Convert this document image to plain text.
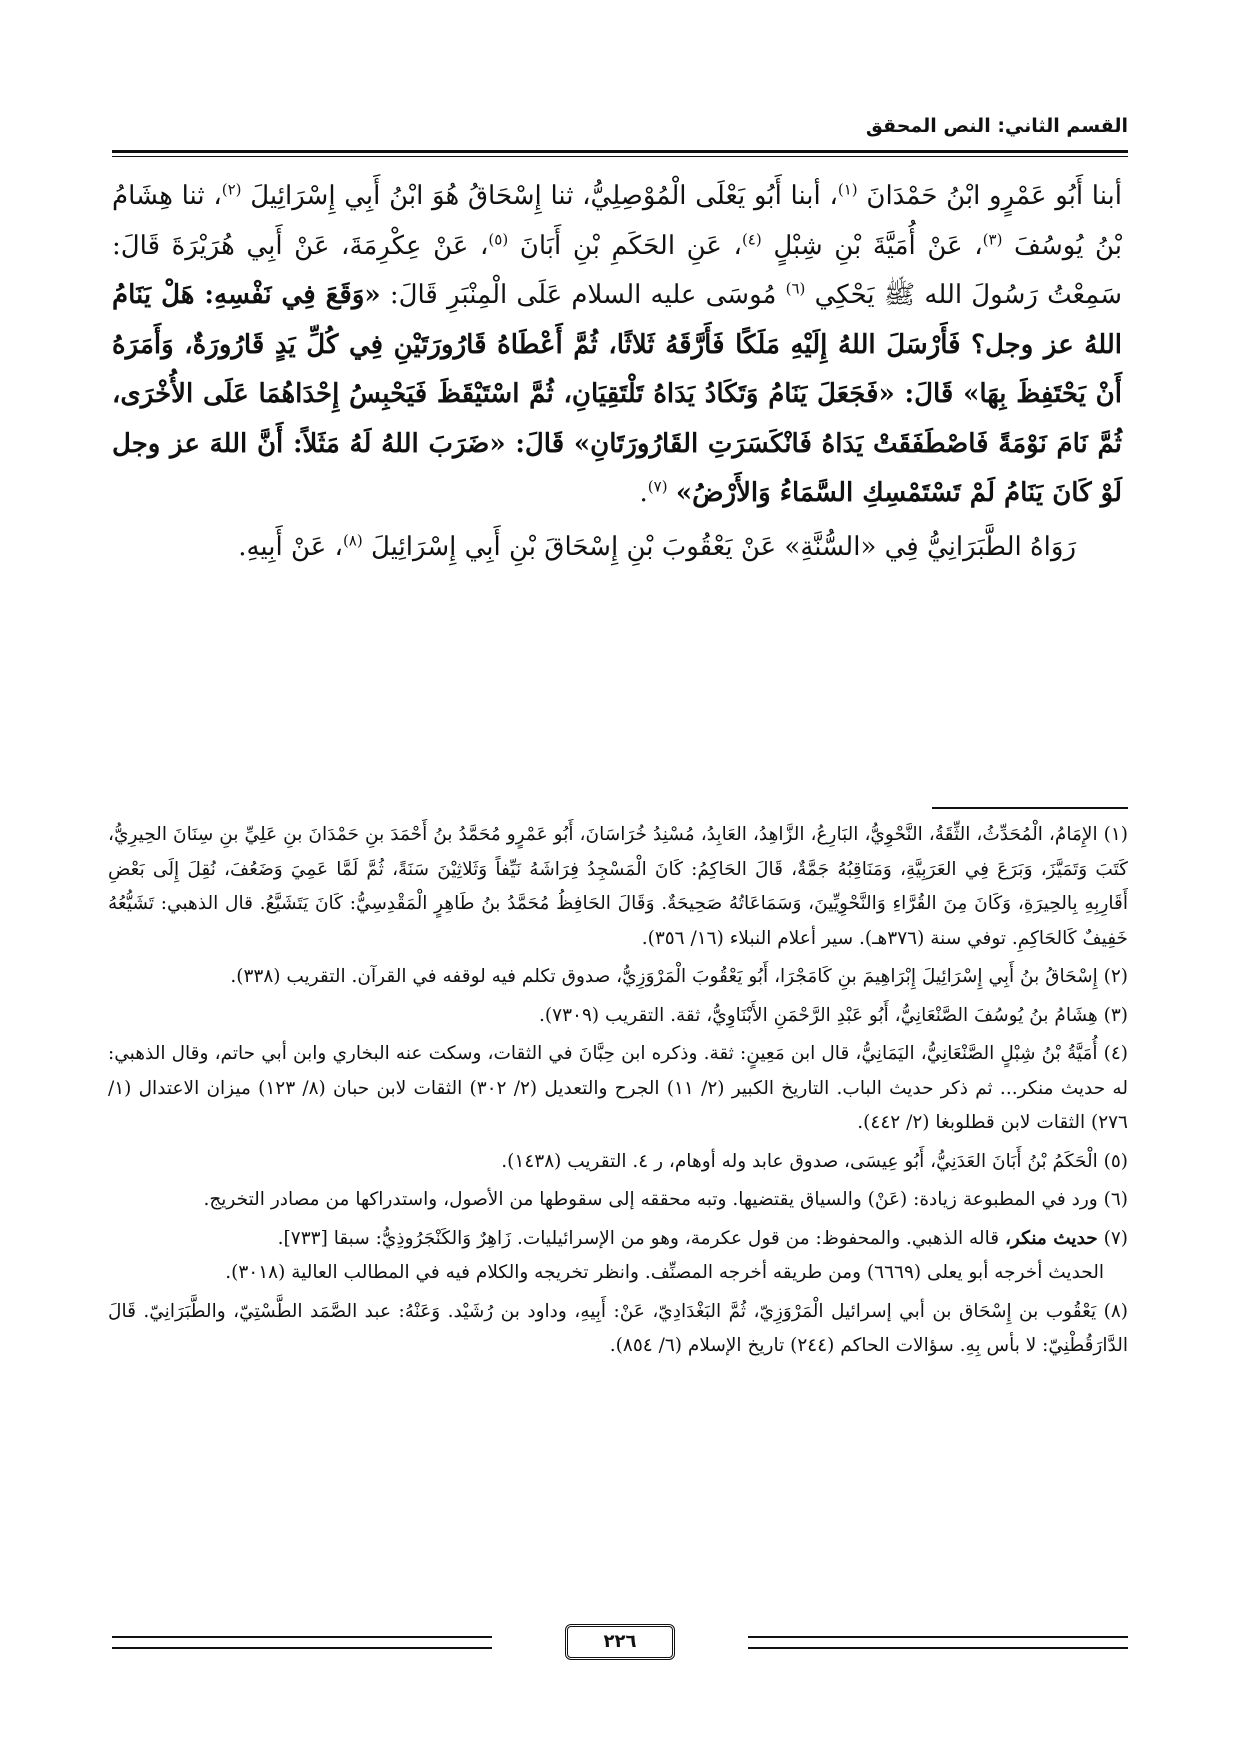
القسم الثاني: النص المحقق

أبنا أَبُو عَمْرٍو ابْنُ حَمْدَانَ $^{(١)}$، أبنا أَبُو يَعْلَى الْمُوْصِلِيُّ، ثنا إِسْحَاقُ هُوَ ابْنُ أَبِي إِسْرَائِيلَ $^{(٢)}$، ثنا هِشَامُ بْنُ يُوسُفَ $^{(٣)}$، عَنْ أُمَيَّةَ بْنِ شِبْلٍ $^{(٤)}$، عَنِ الحَكَمِ بْنِ أَبَانَ $^{(٥)}$، عَنْ عِكْرِمَةَ، عَنْ أَبِي هُرَيْرَةَ قَالَ: سَمِعْتُ رَسُولَ الله ﷺ يَحْكِي $^{(٦)}$ مُوسَى عليه السلام عَلَى الْمِنْبَرِ قَالَ: «وَقَعَ فِي نَفْسِهِ: هَلْ يَنَامُ اللهُ عز وجل؟ فَأَرْسَلَ اللهُ إِلَيْهِ مَلَكًا فَأَرَّقَهُ ثَلاثًا، ثُمَّ أَعْطَاهُ قَارُورَتَيْنِ فِي كُلِّ يَدٍ قَارُورَةٌ، وَأَمَرَهُ أَنْ يَحْتَفِظَ بِهَا» قَالَ: «فَجَعَلَ يَنَامُ وَتَكَادُ يَدَاهُ تَلْتَقِيَانِ، ثُمَّ اسْتَيْقَظَ فَيَحْبِسُ إِحْدَاهُمَا عَلَى الأُخْرَى، ثُمَّ نَامَ نَوْمَةً فَاصْطَفَقَتْ يَدَاهُ فَانْكَسَرَتِ القَارُورَتَانِ» قَالَ: «ضَرَبَ اللهُ لَهُ مَثَلاً: أَنَّ اللهَ عز وجل لَوْ كَانَ يَنَامُ لَمْ تَسْتَمْسِكِ السَّمَاءُ وَالأَرْضُ» $^{(٧)}$.

رَوَاهُ الطَّبَرَانِيُّ فِي «السُّنَّةِ» عَنْ يَعْقُوبَ بْنِ إِسْحَاقَ بْنِ أَبِي إِسْرَائِيلَ $^{(٨)}$، عَنْ أَبِيهِ.

(١) الإِمَامُ، الْمُحَدِّثُ، الثِّقَةُ، النَّحْوِيُّ، البَارِعُ، الزَّاهِدُ، العَابِدُ، مُسْنِدُ خُرَاسَانَ، أَبُو عَمْرٍو مُحَمَّدُ بنُ أَحْمَدَ بنِ حَمْدَانَ بنِ عَلِيِّ بنِ سِنَانَ الحِيرِيُّ، كَتَبَ وَتَمَيَّزَ، وَبَرَعَ فِي العَرَبِيَّةِ، وَمَنَاقِبُهُ جَمَّةٌ، قَالَ الحَاكِمُ: كَانَ الْمَسْجِدُ فِرَاشَهُ نَيِّفاً وَثَلاثِيْنَ سَنَةً، ثُمَّ لَمَّا عَمِيَ وَضَعُفَ، نُقِلَ إِلَى بَعْضِ أَقَارِبِهِ بِالحِيرَةِ، وَكَانَ مِنَ القُرَّاءِ وَالنَّحْوِيِّينَ، وَسَمَاعَاتُهُ صَحِيحَةٌ. وَقَالَ الحَافِظُ مُحَمَّدُ بنُ طَاهِرٍ الْمَقْدِسِيُّ: كَانَ يَتَشَيَّعُ. قال الذهبي: تَشَيُّعُهُ خَفِيفٌ كَالحَاكِمِ. توفي سنة (٣٧٦هـ). سير أعلام النبلاء (١٦/ ٣٥٦).

(٢) إِسْحَاقُ بنُ أَبِي إِسْرَائِيلَ إِبْرَاهِيمَ بنِ كَامَجْرَا، أَبُو يَعْقُوبَ الْمَرْوَزِيُّ، صدوق تكلم فيه لوقفه في القرآن. التقريب (٣٣٨).

(٣) هِشَامُ بنُ يُوسُفَ الصَّنْعَانِيُّ، أَبُو عَبْدِ الرَّحْمَنِ الأَبْنَاوِيُّ، ثقة. التقريب (٧٣٠٩).

(٤) أُمَيَّةُ بْنُ شِبْلٍ الصَّنْعَانِيُّ، اليَمَانِيُّ، قال ابن مَعِينٍ: ثقة. وذكره ابن حِبَّانَ في الثقات، وسكت عنه البخاري وابن أبي حاتم، وقال الذهبي: له حديث منكر... ثم ذكر حديث الباب. التاريخ الكبير (٢/ ١١) الجرح والتعديل (٢/ ٣٠٢) الثقات لابن حبان (٨/ ١٢٣) ميزان الاعتدال (١/ ٢٧٦) الثقات لابن قطلوبغا (٢/ ٤٤٢).

(٥) الْحَكَمُ بْنُ أَبَانَ العَدَنِيُّ، أَبُو عِيسَى، صدوق عابد وله أوهام، ر ٤. التقريب (١٤٣٨).

(٦) ورد في المطبوعة زيادة: (عَنْ) والسياق يقتضيها. وتبه محققه إلى سقوطها من الأصول، واستدراكها من مصادر التخريج.

(٧) حديث منكر، قاله الذهبي. والمحفوظ: من قول عكرمة، وهو من الإسرائيليات. زَاهِرٌ وَالكَنْجَرُوذِيُّ: سبقا [٧٣٣].
الحديث أخرجه أبو يعلى (٦٦٦٩) ومن طريقه أخرجه المصنِّف. وانظر تخريجه والكلام فيه في المطالب العالية (٣٠١٨).

(٨) يَعْقُوب بن إِسْحَاق بن أبي إسرائيل الْمَرْوَزِيّ، ثُمَّ البَغْدَادِيّ، عَنْ: أَبِيهِ، وداود بن رُشَيْد. وَعَنْهُ: عبد الصَّمَد الطَّسْتِيّ، والطَّبَرَانِيّ. قَالَ الدَّارَقُطْنِيّ: لا بأس بِهِ. سؤالات الحاكم (٢٤٤) تاريخ الإسلام (٦/ ٨٥٤).

٢٢٦
